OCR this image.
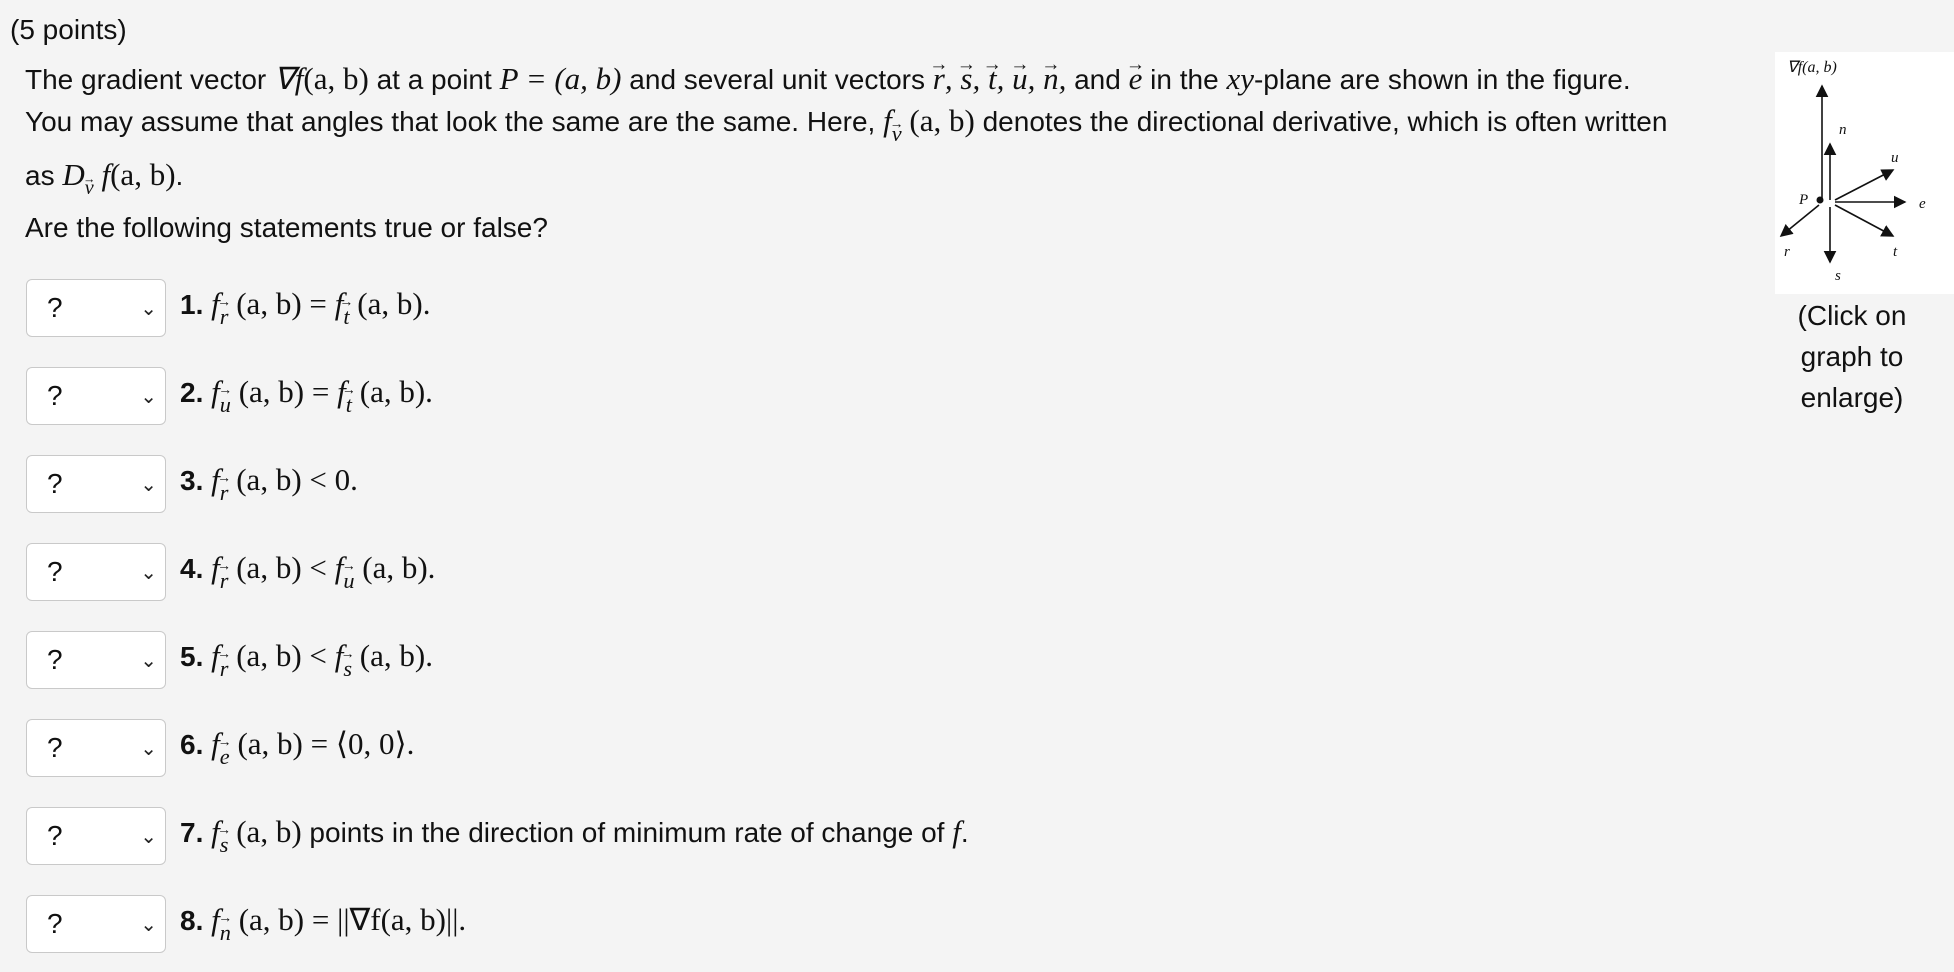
(5 points)
The gradient vector ∇f(a, b) at a point P = (a, b) and several unit vectors → r, → s, → t, → u, → n, and → e in the xy-plane are shown in the figure.
You may assume that angles that look the same are the same. Here, f→ $_v$ (a, b) denotes the directional derivative, which is often written
as D→ $_v$ f(a, b).
Are the following statements true or false?
?	⌄ 1. f→ $_r$ (a, b) = f→ $_t$ (a, b).
?	⌄ 2. f→ $_u$ (a, b) = f→ $_t$ (a, b).
?	⌄ 3. f→ $_r$ (a, b) < 0.
?	⌄ 4. f→ $_r$ (a, b) < f→ $_u$ (a, b).
?	⌄ 5. f→ $_r$ (a, b) < f→ $_s$ (a, b).
?	⌄ 6. f→ $_e$ (a, b) = ⟨0, 0⟩.
?	⌄ 7. f→ $_s$ (a, b) points in the direction of minimum rate of change of f.
?	⌄ 8. f→ $_n$ (a, b) = ||∇f(a, b)||.
∇f(a, b)
P
n
u
e
t
r
s
(Click on
graph to
enlarge)
